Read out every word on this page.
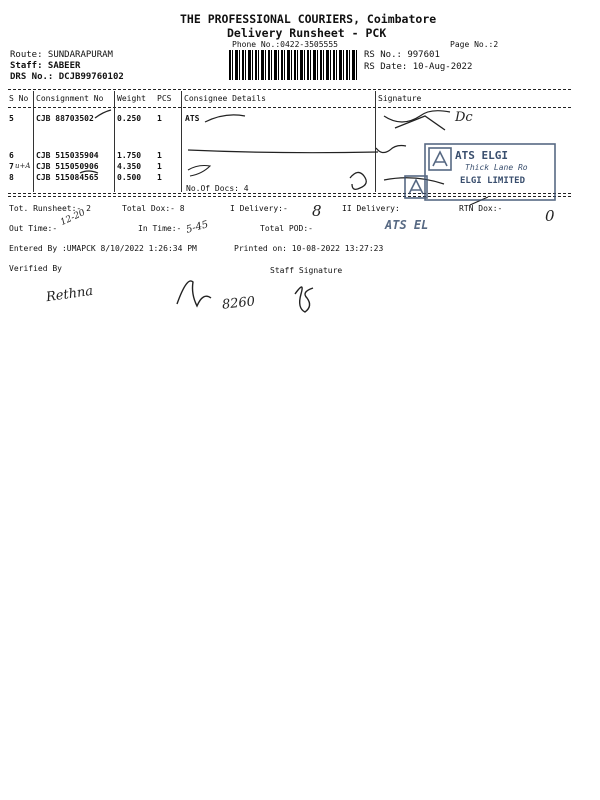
THE PROFESSIONAL COURIERS, Coimbatore
Delivery Runsheet - PCK
Phone No.:0422-3505555	Page No.:2
Route: SUNDARAPURAM
Staff: SABEER
DRS No.: DCJB99760102
RS No.: 997601
RS Date: 10-Aug-2022
S No Consignment No Weight PCS Consignee Details	Signature
5	CJB 88703502	0.250 1	ATS
6	CJB 515035904 1.750 1
7	CJB 515050906 4.350 1
8	CJB 515084565 0.500 1
No.Of Docs: 4
u+A
Dc
ATS ELGI
Thick Lane Ro
ELGI LIMITED
ATS EL
Tot. Runsheet:- 2	Total Dox:- 8	I Delivery:- 8	II Delivery:	RTN Dox:-	0
Out Time:-
12-20
In Time:- 5-45	Total POD:-
Entered By :UMAPCK 8/10/2022 1:26:34 PM	Printed on: 10-08-2022 13:27:23
Verified By	Staff Signature
Rethna	8260
